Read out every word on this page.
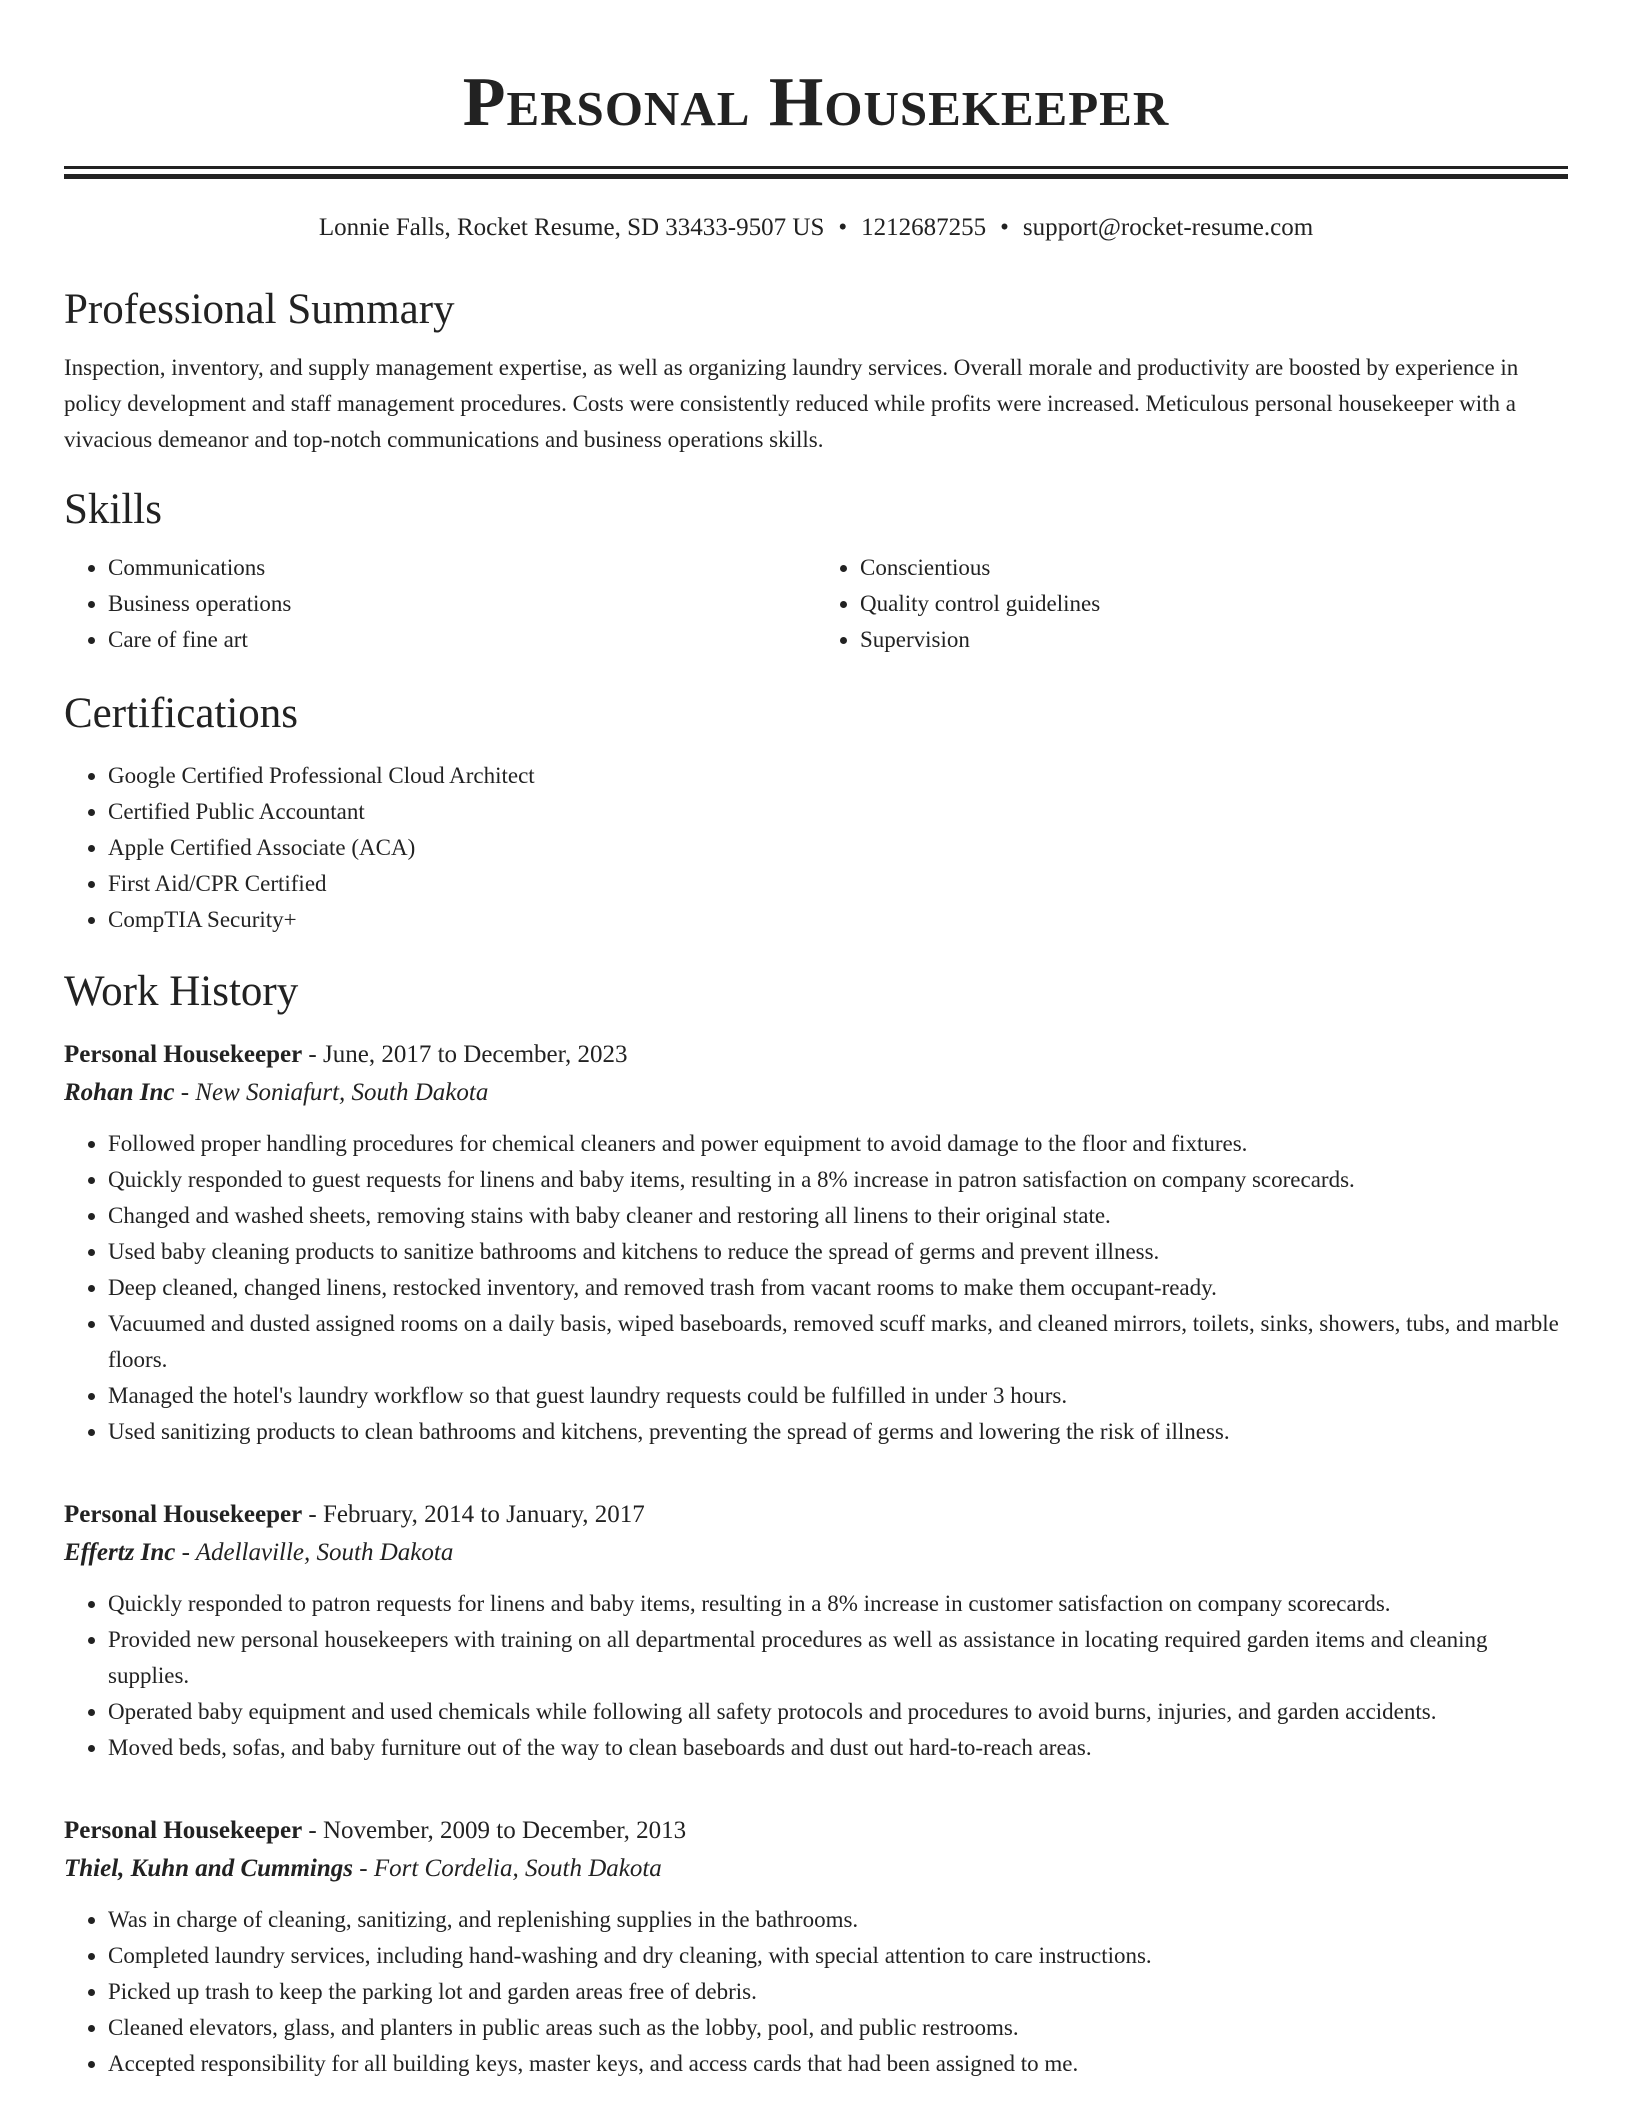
Personal Housekeeper
Lonnie Falls, Rocket Resume, SD 33433-9507 US • 1212687255 • support@rocket-resume.com
Professional Summary

Inspection, inventory, and supply management expertise, as well as organizing laundry services. Overall morale and productivity are boosted by experience in policy development and staff management procedures. Costs were consistently reduced while profits were increased. Meticulous personal housekeeper with a vivacious demeanor and top-notch communications and business operations skills.

Skills
• Communications
• Business operations
• Care of fine art
• Conscientious
• Quality control guidelines
• Supervision
Certifications
• Google Certified Professional Cloud Architect
• Certified Public Accountant
• Apple Certified Associate (ACA)
• First Aid/CPR Certified
• CompTIA Security+
Work History
Personal Housekeeper - June, 2017 to December, 2023
Rohan Inc - New Soniafurt, South Dakota
• Followed proper handling procedures for chemical cleaners and power equipment to avoid damage to the floor and fixtures.
• Quickly responded to guest requests for linens and baby items, resulting in a 8% increase in patron satisfaction on company scorecards.
• Changed and washed sheets, removing stains with baby cleaner and restoring all linens to their original state.
• Used baby cleaning products to sanitize bathrooms and kitchens to reduce the spread of germs and prevent illness.
• Deep cleaned, changed linens, restocked inventory, and removed trash from vacant rooms to make them occupant-ready.
• Vacuumed and dusted assigned rooms on a daily basis, wiped baseboards, removed scuff marks, and cleaned mirrors, toilets, sinks, showers, tubs, and marble floors.
• Managed the hotel's laundry workflow so that guest laundry requests could be fulfilled in under 3 hours.
• Used sanitizing products to clean bathrooms and kitchens, preventing the spread of germs and lowering the risk of illness.
Personal Housekeeper - February, 2014 to January, 2017
Effertz Inc - Adellaville, South Dakota
• Quickly responded to patron requests for linens and baby items, resulting in a 8% increase in customer satisfaction on company scorecards.
• Provided new personal housekeepers with training on all departmental procedures as well as assistance in locating required garden items and cleaning supplies.
• Operated baby equipment and used chemicals while following all safety protocols and procedures to avoid burns, injuries, and garden accidents.
• Moved beds, sofas, and baby furniture out of the way to clean baseboards and dust out hard-to-reach areas.
Personal Housekeeper - November, 2009 to December, 2013
Thiel, Kuhn and Cummings - Fort Cordelia, South Dakota
• Was in charge of cleaning, sanitizing, and replenishing supplies in the bathrooms.
• Completed laundry services, including hand-washing and dry cleaning, with special attention to care instructions.
• Picked up trash to keep the parking lot and garden areas free of debris.
• Cleaned elevators, glass, and planters in public areas such as the lobby, pool, and public restrooms.
• Accepted responsibility for all building keys, master keys, and access cards that had been assigned to me.
